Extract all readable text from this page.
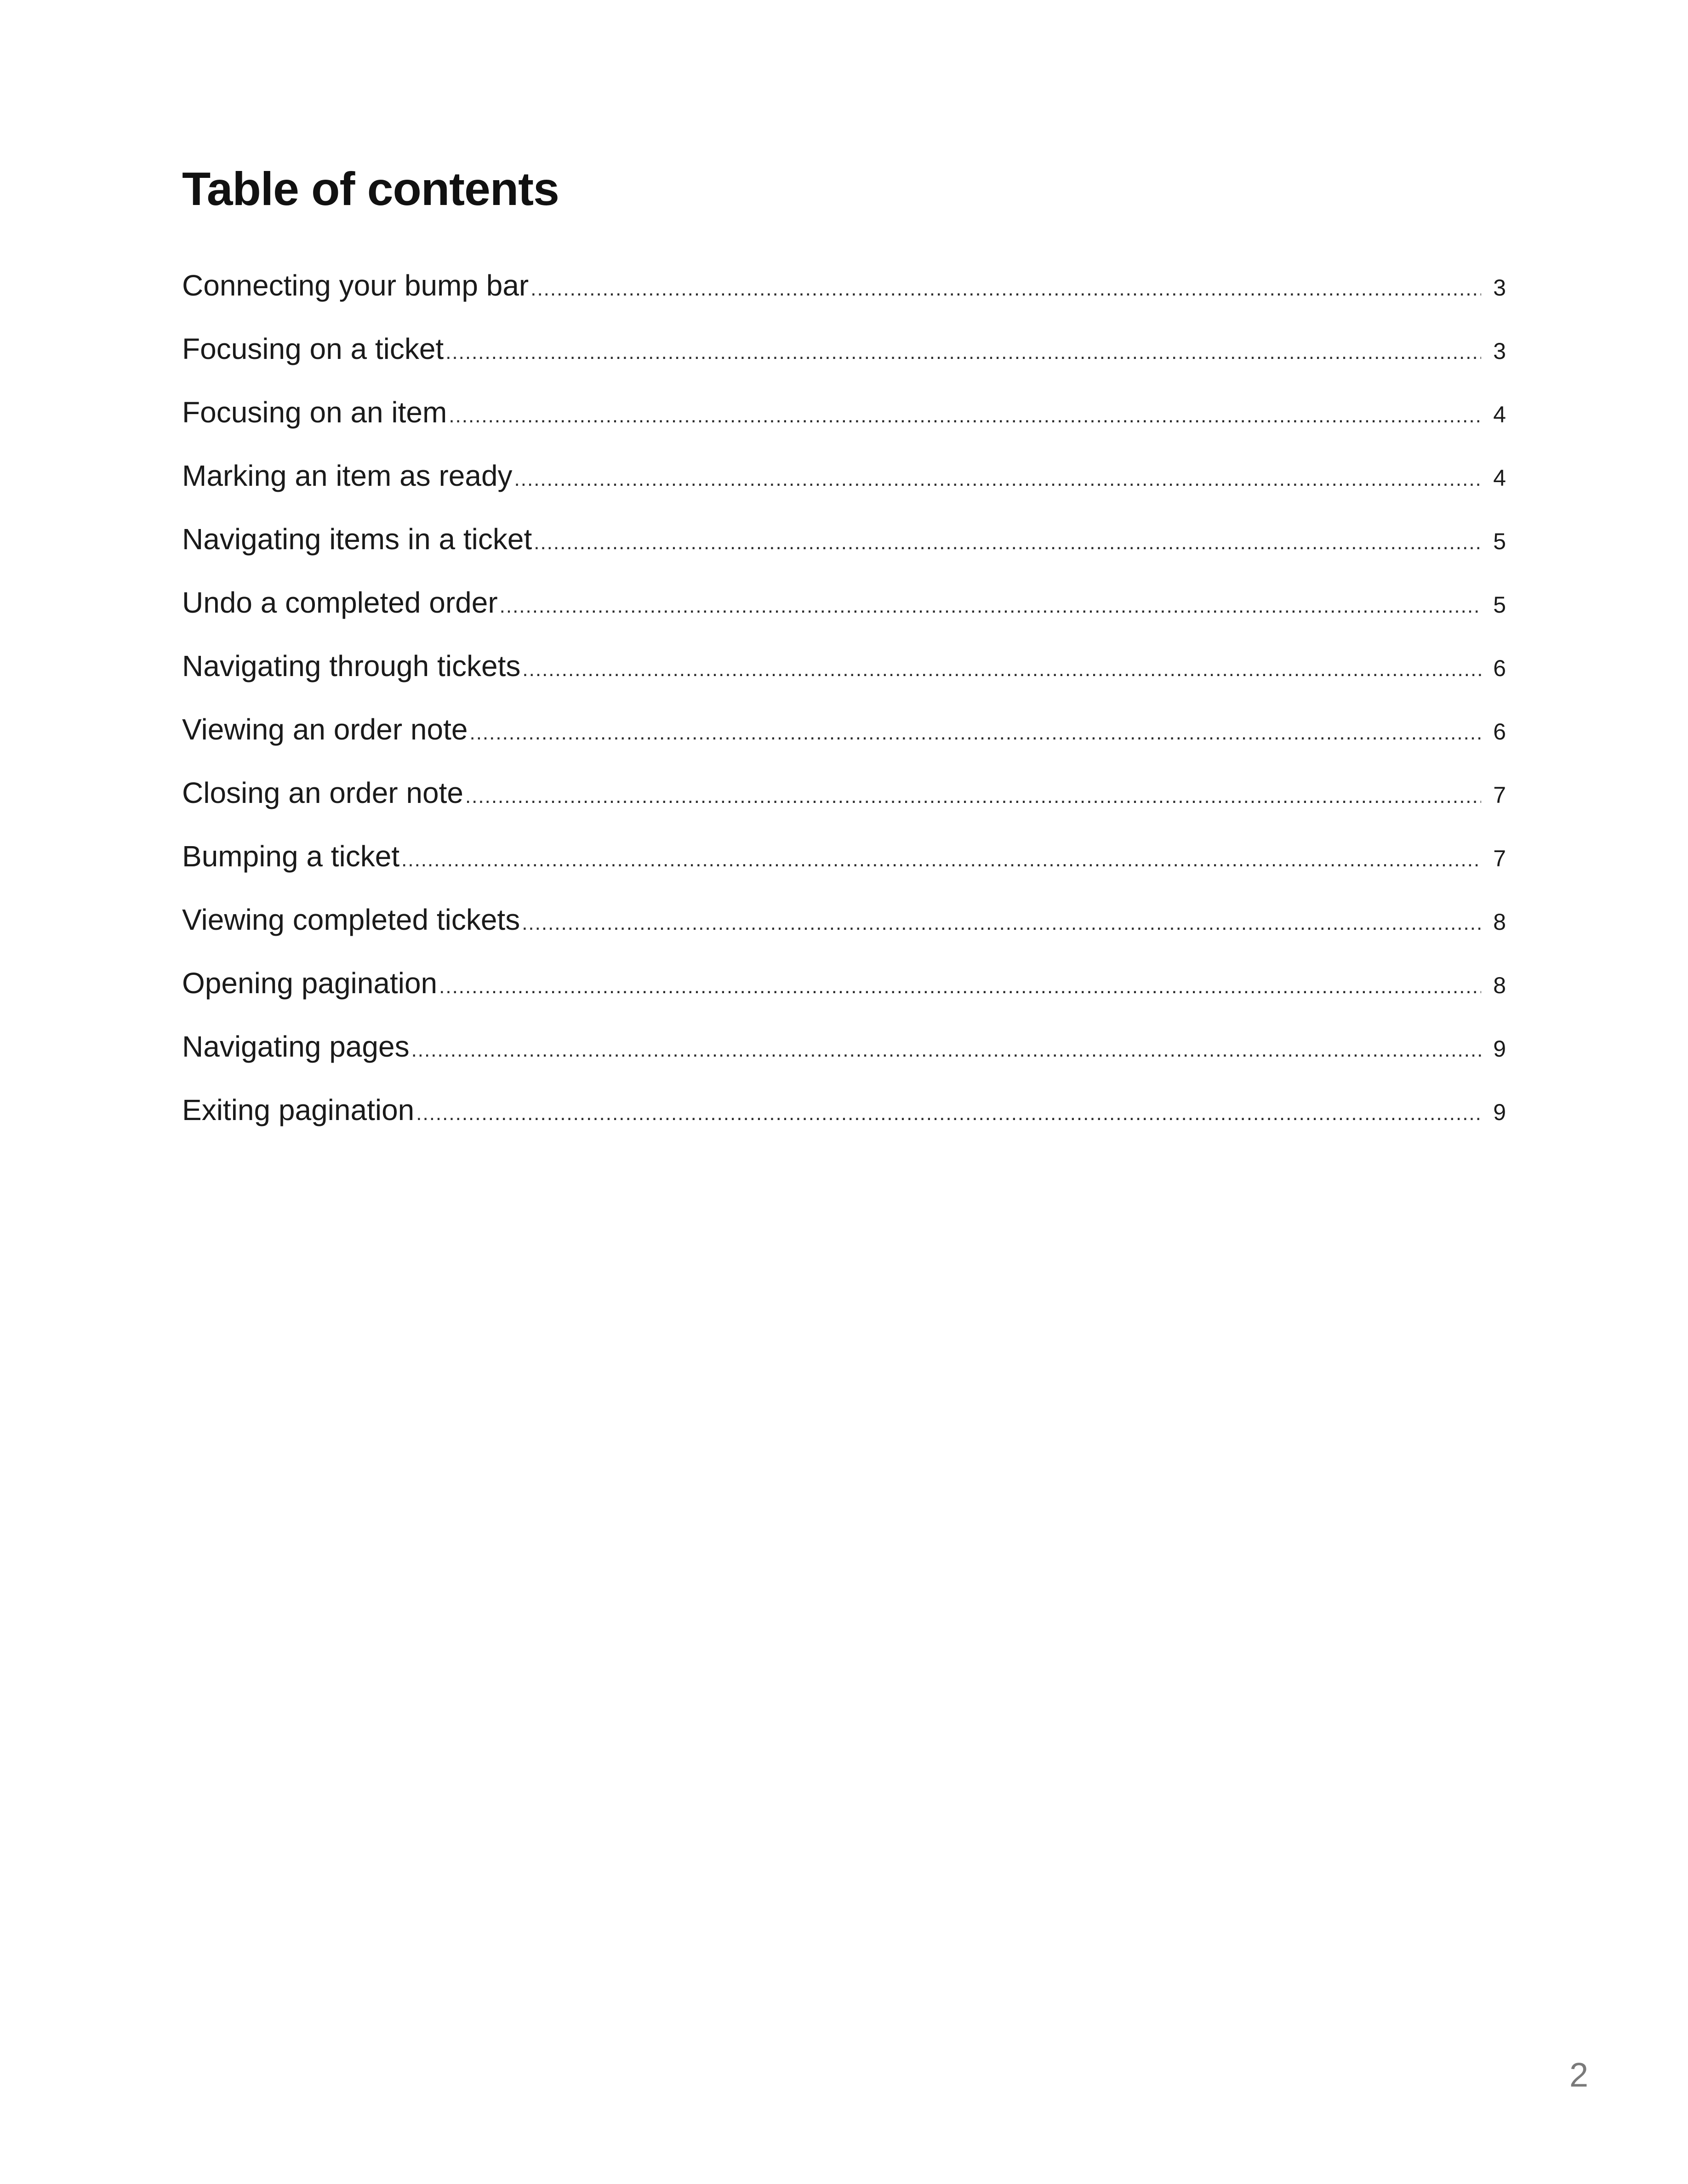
Table of contents
Connecting your bump bar .....	3
Focusing on a ticket .....	3
Focusing on an item .....	4
Marking an item as ready .....	4
Navigating items in a ticket .....	5
Undo a completed order .....	5
Navigating through tickets .....	6
Viewing an order note .....	6
Closing an order note .....	7
Bumping a ticket .....	7
Viewing completed tickets .....	8
Opening pagination .....	8
Navigating pages .....	9
Exiting pagination .....	9

2
